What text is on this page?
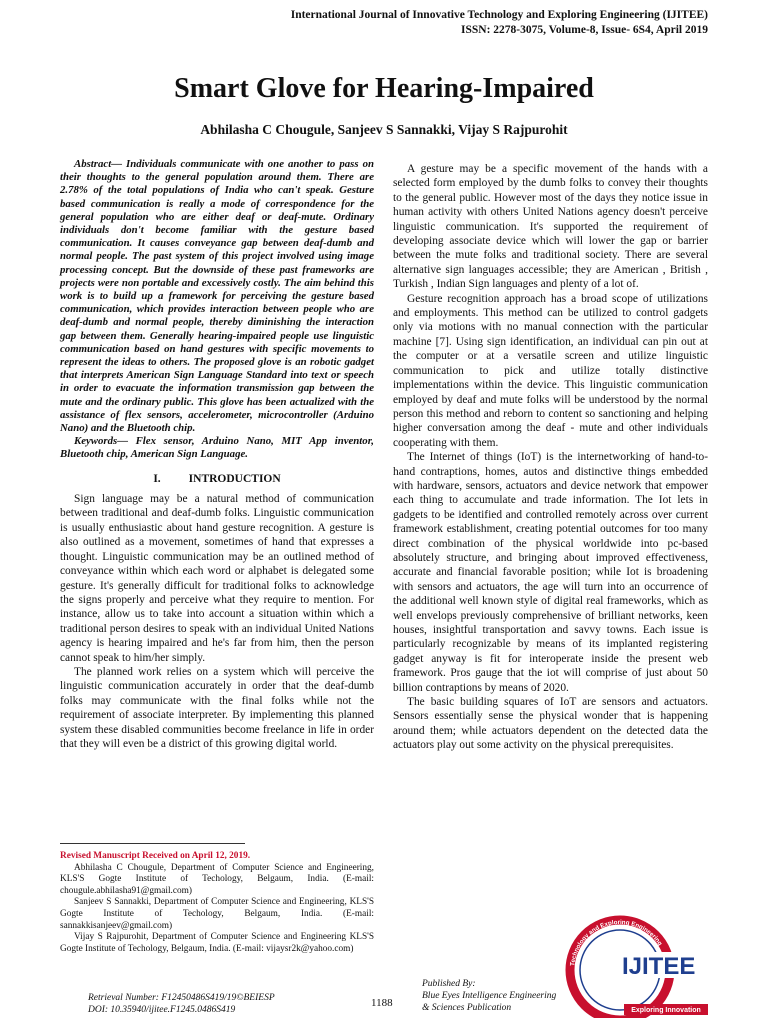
International Journal of Innovative Technology and Exploring Engineering (IJITEE)
ISSN: 2278-3075, Volume-8, Issue- 6S4, April 2019
Smart Glove for Hearing-Impaired
Abhilasha C Chougule, Sanjeev S Sannakki, Vijay S Rajpurohit

Abstract— Individuals communicate with one another to pass on their thoughts to the general population around them. There are 2.78% of the total populations of India who can't speak. Gesture based communication is really a mode of correspondence for the general population who are either deaf or deaf-mute. Ordinary individuals don't become familiar with the gesture based communication. It causes conveyance gap between deaf-dumb and normal people. The past system of this project involved using image processing concept. But the downside of these past frameworks are projects were non portable and excessively costly. The aim behind this work is to build up a framework for perceiving the gesture based communication, which provides interaction between people who are deaf-dumb and normal people, thereby diminishing the interaction gap between them. Generally hearing-impaired people use linguistic communication based on hand gestures with specific movements to represent the ideas to others. The proposed glove is an robotic gadget that interprets American Sign Language Standard into text or speech in order to evacuate the information transmission gap between the mute and the ordinary public. This glove has been actualized with the assistance of flex sensors, accelerometer, microcontroller (Arduino Nano) and the Bluetooth chip.

Keywords— Flex sensor, Arduino Nano, MIT App inventor, Bluetooth chip, American Sign Language.

I. INTRODUCTION

Sign language may be a natural method of communication between traditional and deaf-dumb folks. Linguistic communication is usually enthusiastic about hand gesture recognition. A gesture is also outlined as a movement, sometimes of hand that expresses a thought. Linguistic communication may be an outlined method of conveyance within which each word or alphabet is delegated some gesture. It's generally difficult for traditional folks to acknowledge the signs properly and perceive what they require to mention. For instance, allow us to take into account a situation within which a traditional person desires to speak with an individual United Nations agency is hearing impaired and he's far from him, then the person cannot speak to him/her simply.

The planned work relies on a system which will perceive the linguistic communication accurately in order that the deaf-dumb folks may communicate with the final folks while not the requirement of associate interpreter. By implementing this planned system these disabled communities become freelance in life in order that they will even be a district of this growing digital world.

A gesture may be a specific movement of the hands with a selected form employed by the dumb folks to convey their thoughts to the general public. However most of the days they notice issue in human activity with others United Nations agency doesn't perceive linguistic communication. It's supported the requirement of developing associate device which will lower the gap or barrier between the mute folks and traditional society. There are several alternative sign languages accessible; they are American , British , Turkish , Indian Sign languages and plenty of a lot of.

Gesture recognition approach has a broad scope of utilizations and employments. This method can be utilized to control gadgets only via motions with no manual connection with the particular machine [7]. Using sign identification, an individual can pin out at the computer or at a versatile screen and utilize linguistic communication to pick and utilize totally distinctive implementations within the device. This linguistic communication employed by deaf and mute folks will be understood by the normal person this method and reborn to content so sanctioning and helping higher conversation among the deaf - mute and other individuals cooperating with them.

The Internet of things (IoT) is the internetworking of hand-to-hand contraptions, homes, autos and distinctive things embedded with hardware, sensors, actuators and device network that empower each thing to accumulate and trade information. The Iot lets in gadgets to be identified and controlled remotely across over current framework establishment, creating potential outcomes for too many direct combination of the physical worldwide into pc-based absolutely structure, and bringing about improved effectiveness, accurate and financial favorable position; while Iot is broadening with sensors and actuators, the age will turn into an occurrence of the additional well known style of digital real frameworks, which as well envelops previously comprehensive of brilliant networks, keen houses, insightful transportation and savvy towns. Each issue is particularly recognizable by means of its implanted registering gadget anyway is fit for interoperate inside the present web framework. Pros gauge that the iot will comprise of just about 50 billion contraptions by means of 2020.

The basic building squares of IoT are sensors and actuators. Sensors essentially sense the physical wonder that is happening around them; while actuators dependent on the detected data the actuators play out some activity on the physical prerequisites.

Revised Manuscript Received on April 12, 2019.

Abhilasha C Chougule, Department of Computer Science and Engineering, KLS'S Gogte Institute of Techology, Belgaum, India. (E-mail: chougule.abhilasha91@gmail.com)

Sanjeev S Sannakki, Department of Computer Science and Engineering, KLS'S Gogte Institute of Techology, Belgaum, India. (E-mail: sannakkisanjeev@gmail.com)

Vijay S Rajpurohit, Department of Computer Science and Engineering KLS'S Gogte Institute of Techology, Belgaum, India. (E-mail: vijaysr2k@yahoo.com)

Retrieval Number: F12450486S419/19©BEIESP
DOI: 10.35940/ijitee.F1245.0486S419
1188
Published By:
Blue Eyes Intelligence Engineering
& Sciences Publication
Technology and Exploring Engineering
IJITEE
Exploring Innovation
